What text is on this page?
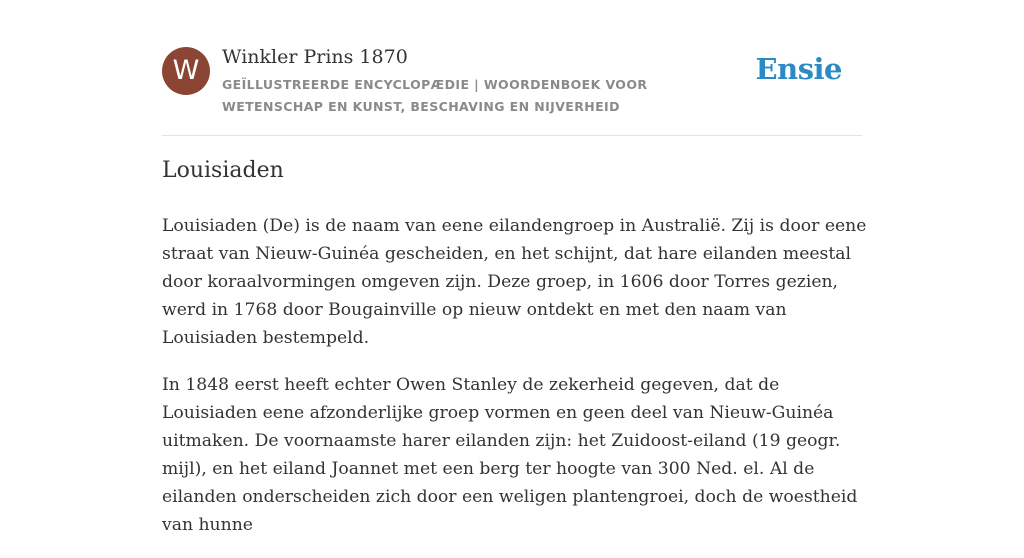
W	Winkler Prins 1870
GEÏLLUSTREERDE ENCYCLOPÆDIE | WOORDENBOEK VOOR WETENSCHAP EN KUNST, BESCHAVING EN NIJVERHEID
Ensie
Louisiaden

Louisiaden (De) is de naam van eene eilandengroep in Australië. Zij is door eene straat van Nieuw-Guinéa gescheiden, en het schijnt, dat hare eilanden meestal door koraalvormingen omgeven zijn. Deze groep, in 1606 door Torres gezien, werd in 1768 door Bougainville op nieuw ontdekt en met den naam van Louisiaden bestempeld.

In 1848 eerst heeft echter Owen Stanley de zekerheid gegeven, dat de Louisiaden eene afzonderlijke groep vormen en geen deel van Nieuw-Guinéa uitmaken. De voornaamste harer eilanden zijn: het Zuidoost-eiland (19 geogr. mijl), en het eiland Joannet met een berg ter hoogte van 300 Ned. el. Al de eilanden onderscheiden zich door een weligen plantengroei, doch de woestheid van hunne
